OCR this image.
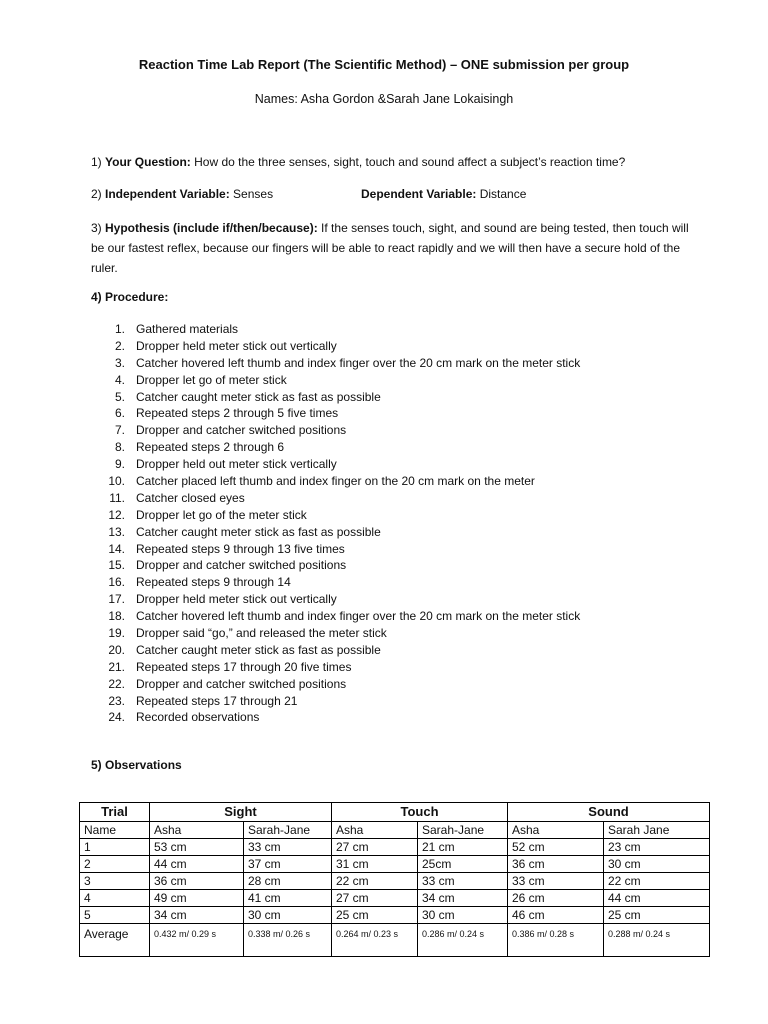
Reaction Time Lab Report (The Scientific Method) – ONE submission per group
Names: Asha Gordon &Sarah Jane Lokaisingh
1) Your Question: How do the three senses, sight, touch and sound affect a subject’s reaction time?
2) Independent Variable: Senses	Dependent Variable: Distance
3) Hypothesis (include if/then/because): If the senses touch, sight, and sound are being tested, then touch will be our fastest reflex, because our fingers will be able to react rapidly and we will then have a secure hold of the ruler.
4) Procedure:
1. Gathered materials
2. Dropper held meter stick out vertically
3. Catcher hovered left thumb and index finger over the 20 cm mark on the meter stick
4. Dropper let go of meter stick
5. Catcher caught meter stick as fast as possible
6. Repeated steps 2 through 5 five times
7. Dropper and catcher switched positions
8. Repeated steps 2 through 6
9. Dropper held out meter stick vertically
10. Catcher placed left thumb and index finger on the 20 cm mark on the meter
11. Catcher closed eyes
12. Dropper let go of the meter stick
13. Catcher caught meter stick as fast as possible
14. Repeated steps 9 through 13 five times
15. Dropper and catcher switched positions
16. Repeated steps 9 through 14
17. Dropper held meter stick out vertically
18. Catcher hovered left thumb and index finger over the 20 cm mark on the meter stick
19. Dropper said “go,” and released the meter stick
20. Catcher caught meter stick as fast as possible
21. Repeated steps 17 through 20 five times
22. Dropper and catcher switched positions
23. Repeated steps 17 through 21
24. Recorded observations
5) Observations
Trial	Sight		Touch		Sound	
Name	Asha	Sarah-Jane	Asha	Sarah-Jane	Asha	Sarah Jane
1	53 cm	33 cm	27 cm	21 cm	52 cm	23 cm
2	44 cm	37 cm	31 cm	25cm	36 cm	30 cm
3	36 cm	28 cm	22 cm	33 cm	33 cm	22 cm
4	49 cm	41 cm	27 cm	34 cm	26 cm	44 cm
5	34 cm	30 cm	25 cm	30 cm	46 cm	25 cm
Average	0.432 m/ 0.29 s	0.338 m/ 0.26 s	0.264 m/ 0.23 s	0.286 m/ 0.24 s	0.386 m/ 0.28 s	0.288 m/ 0.24 s
